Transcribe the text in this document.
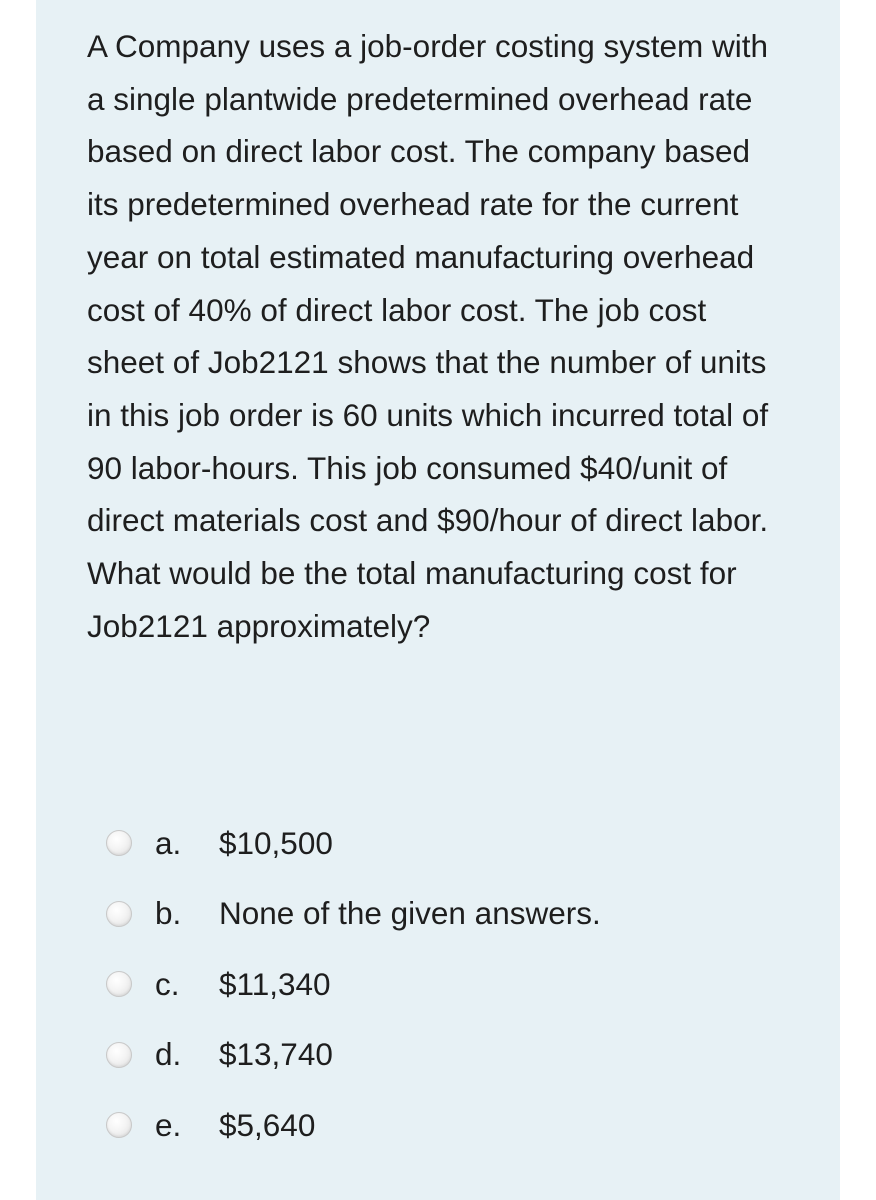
A Company uses a job-order costing system with a single plantwide predetermined overhead rate based on direct labor cost. The company based its predetermined overhead rate for the current year on total estimated manufacturing overhead cost of 40% of direct labor cost. The job cost sheet of Job2121 shows that the number of units in this job order is 60 units which incurred total of 90 labor-hours. This job consumed $40/unit of direct materials cost and $90/hour of direct labor. What would be the total manufacturing cost for Job2121 approximately?

a. $10,500
b. None of the given answers.
c. $11,340
d. $13,740
e. $5,640
